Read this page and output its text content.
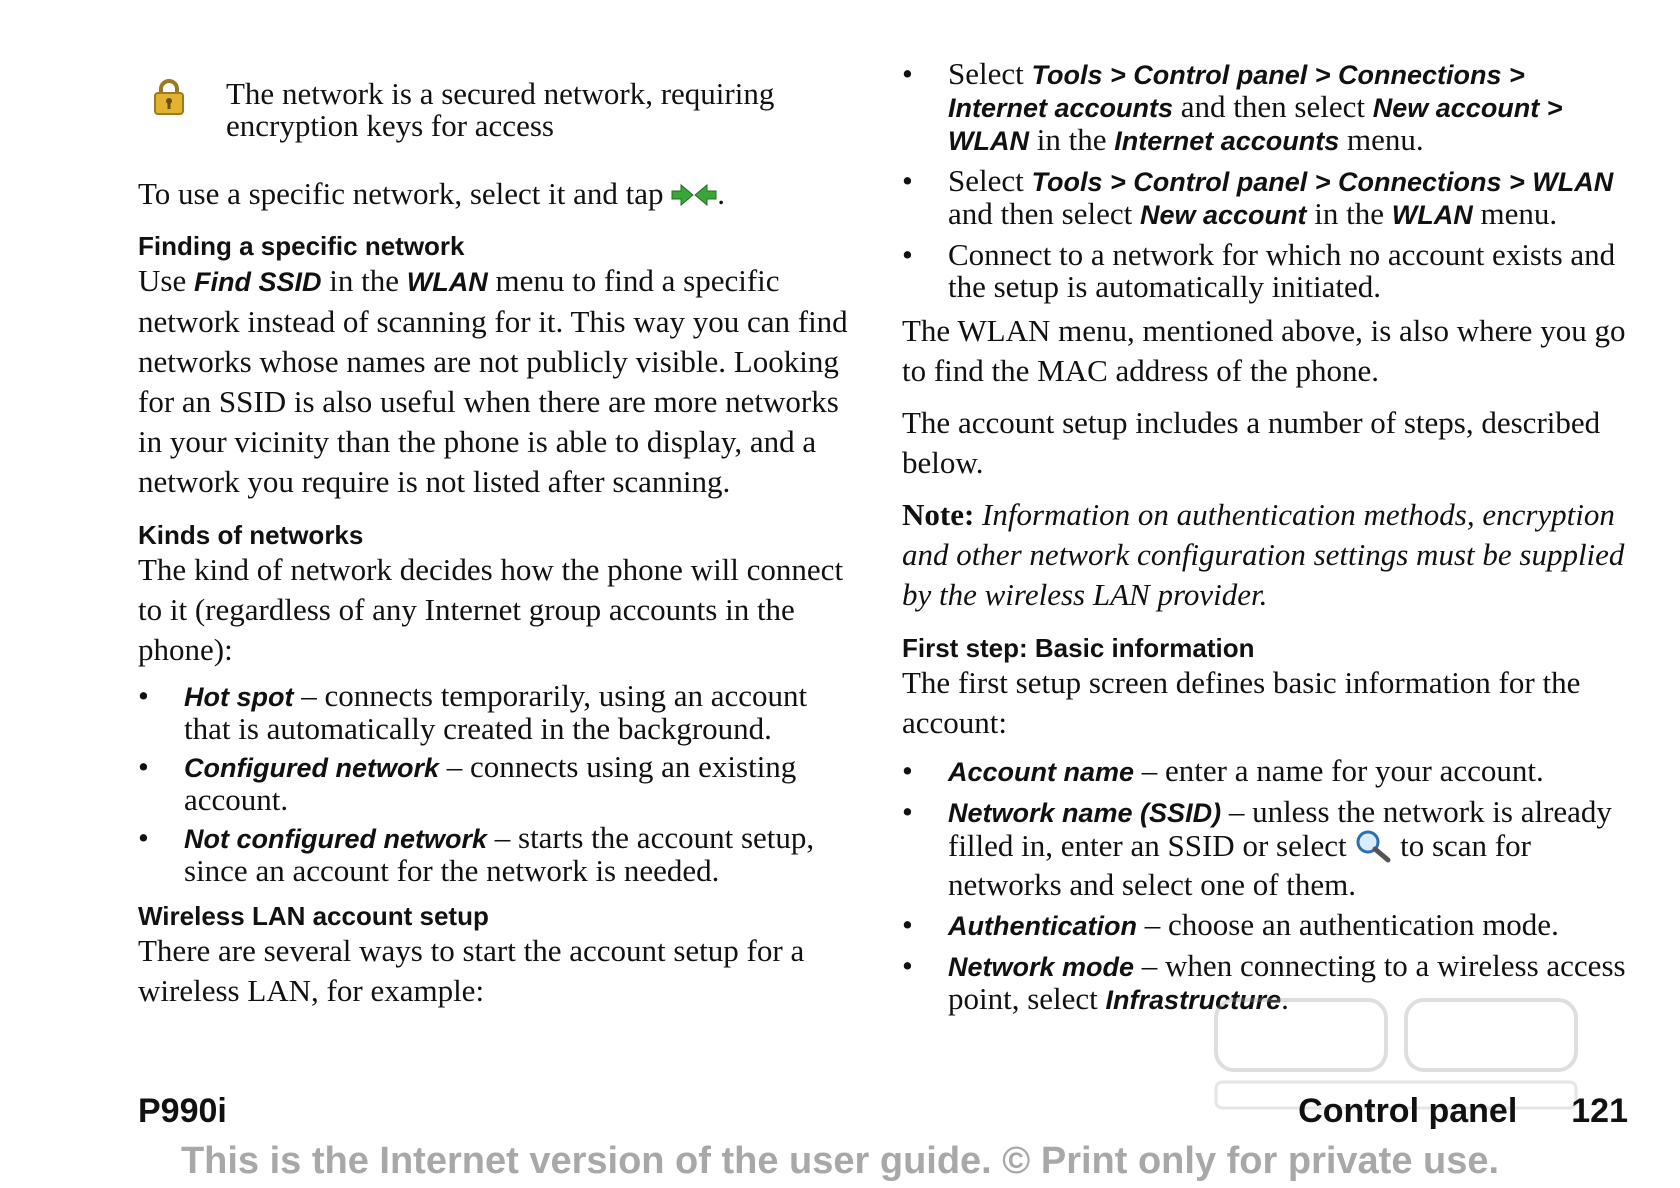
The network is a secured network, requiring encryption keys for access

To use a specific network, select it and tap .

Finding a specific network

Use Find SSID in the WLAN menu to find a specific network instead of scanning for it. This way you can find networks whose names are not publicly visible. Looking for an SSID is also useful when there are more networks in your vicinity than the phone is able to display, and a network you require is not listed after scanning.

Kinds of networks

The kind of network decides how the phone will connect to it (regardless of any Internet group accounts in the phone):

• Hot spot – connects temporarily, using an account that is automatically created in the background.
• Configured network – connects using an existing account.
• Not configured network – starts the account setup, since an account for the network is needed.
Wireless LAN account setup

There are several ways to start the account setup for a wireless LAN, for example:

• Select Tools > Control panel > Connections > Internet accounts and then select New account > WLAN in the Internet accounts menu.
• Select Tools > Control panel > Connections > WLAN and then select New account in the WLAN menu.
• Connect to a network for which no account exists and the setup is automatically initiated.

The WLAN menu, mentioned above, is also where you go to find the MAC address of the phone.

The account setup includes a number of steps, described below.

Note: Information on authentication methods, encryption and other network configuration settings must be supplied by the wireless LAN provider.

First step: Basic information

The first setup screen defines basic information for the account:

• Account name – enter a name for your account.
• Network name (SSID) – unless the network is already filled in, enter an SSID or select  to scan for networks and select one of them.
• Authentication – choose an authentication mode.
• Network mode – when connecting to a wireless access point, select Infrastructure.
P990i	Control panel 121
This is the Internet version of the user guide. © Print only for private use.
